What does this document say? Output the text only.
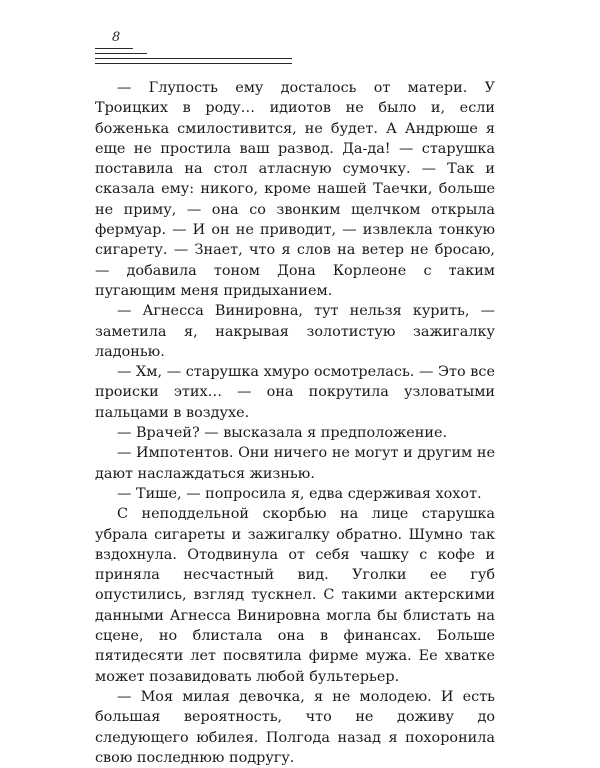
8

— Глупость ему досталось от матери. У Троицких в роду… идиотов не было и, если боженька смилостивится, не будет. А Андрюше я еще не простила ваш развод. Да-да! — старушка поставила на стол атласную сумочку. — Так и сказала ему: никого, кроме нашей Таечки, больше не приму, — она со звонким щелчком открыла фермуар. — И он не приводит, — извлекла тонкую сигарету. — Знает, что я слов на ветер не бросаю, — добавила тоном Дона Корлеоне с таким пугающим меня придыханием.

— Агнесса Винировна, тут нельзя курить, — заметила я, накрывая золотистую зажигалку ладонью.

— Хм, — старушка хмуро осмотрелась. — Это все происки этих… — она покрутила узловатыми пальцами в воздухе.

— Врачей? — высказала я предположение.

— Импотентов. Они ничего не могут и другим не дают наслаждаться жизнью.

— Тише, — попросила я, едва сдерживая хохот.

С неподдельной скорбью на лице старушка убрала сигареты и зажигалку обратно. Шумно так вздохнула. Отодвинула от себя чашку с кофе и приняла несчастный вид. Уголки ее губ опустились, взгляд тускнел. С такими актерскими данными Агнесса Винировна могла бы блистать на сцене, но блистала она в финансах. Больше пятидесяти лет посвятила фирме мужа. Ее хватке может позавидовать любой бультерьер.

— Моя милая девочка, я не молодею. И есть большая вероятность, что не доживу до следующего юбилея. Полгода назад я похоронила свою последнюю подругу.
